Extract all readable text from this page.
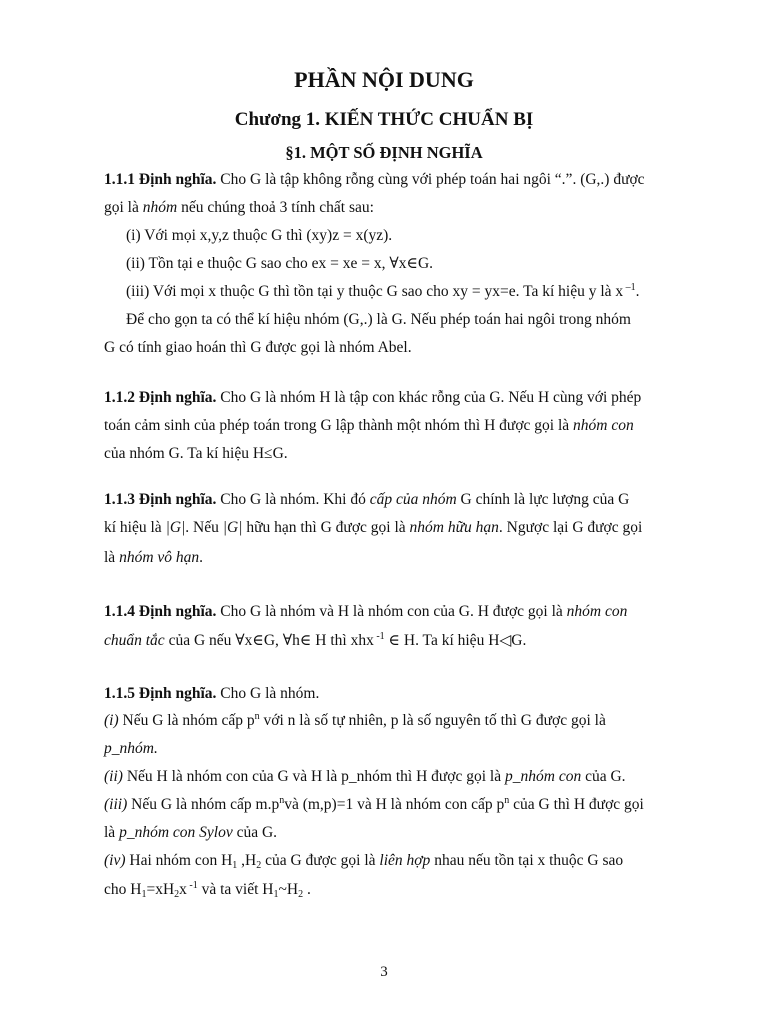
PHẦN NỘI DUNG
Chương 1. KIẾN THỨC CHUẨN BỊ
§1. MỘT SỐ ĐỊNH NGHĨA
1.1.1 Định nghĩa. Cho G là tập không rỗng cùng với phép toán hai ngôi “.”. (G,.) được
gọi là nhóm nếu chúng thoả 3 tính chất sau:
(i) Với mọi x,y,z thuộc G thì (xy)z = x(yz).
(ii) Tồn tại e thuộc G sao cho ex = xe = x, ∀x∈G.
(iii) Với mọi x thuộc G thì tồn tại y thuộc G sao cho xy = yx=e. Ta kí hiệu y là x $^{-1}$.
Để cho gọn ta có thể kí hiệu nhóm (G,.) là G. Nếu phép toán hai ngôi trong nhóm
G có tính giao hoán thì G được gọi là nhóm Abel.
1.1.2 Định nghĩa. Cho G là nhóm H là tập con khác rỗng của G. Nếu H cùng với phép
toán cảm sinh của phép toán trong G lập thành một nhóm thì H được gọi là nhóm con
của nhóm G. Ta kí hiệu H≤G.
1.1.3 Định nghĩa. Cho G là nhóm. Khi đó cấp của nhóm G chính là lực lượng của G
kí hiệu là |G|. Nếu |G| hữu hạn thì G được gọi là nhóm hữu hạn. Ngược lại G được gọi
là nhóm vô hạn.
1.1.4 Định nghĩa. Cho G là nhóm và H là nhóm con của G. H được gọi là nhóm con
chuẩn tắc của G nếu ∀x∈G, ∀h∈ H thì xhx $^{-1}$ ∈ H. Ta kí hiệu H◁G.
1.1.5 Định nghĩa. Cho G là nhóm.
(i) Nếu G là nhóm cấp $p^n$ với n là số tự nhiên, p là số nguyên tố thì G được gọi là
p_nhóm.
(ii) Nếu H là nhóm con của G và H là p_nhóm thì H được gọi là p_nhóm con của G.
(iii) Nếu G là nhóm cấp $m.p^nvà$ (m,p)=1 và H là nhóm con cấp $p^n$ của G thì H được gọi
là p_nhóm con Sylov của G.
(iv) Hai nhóm con $H_1$ $,H_2$ của G được gọi là liên hợp nhau nếu tồn tại x thuộc G sao
cho $H_1=xH_2x$ $^{-1}$ và ta viết $H_1\sim H_2$ .
3
